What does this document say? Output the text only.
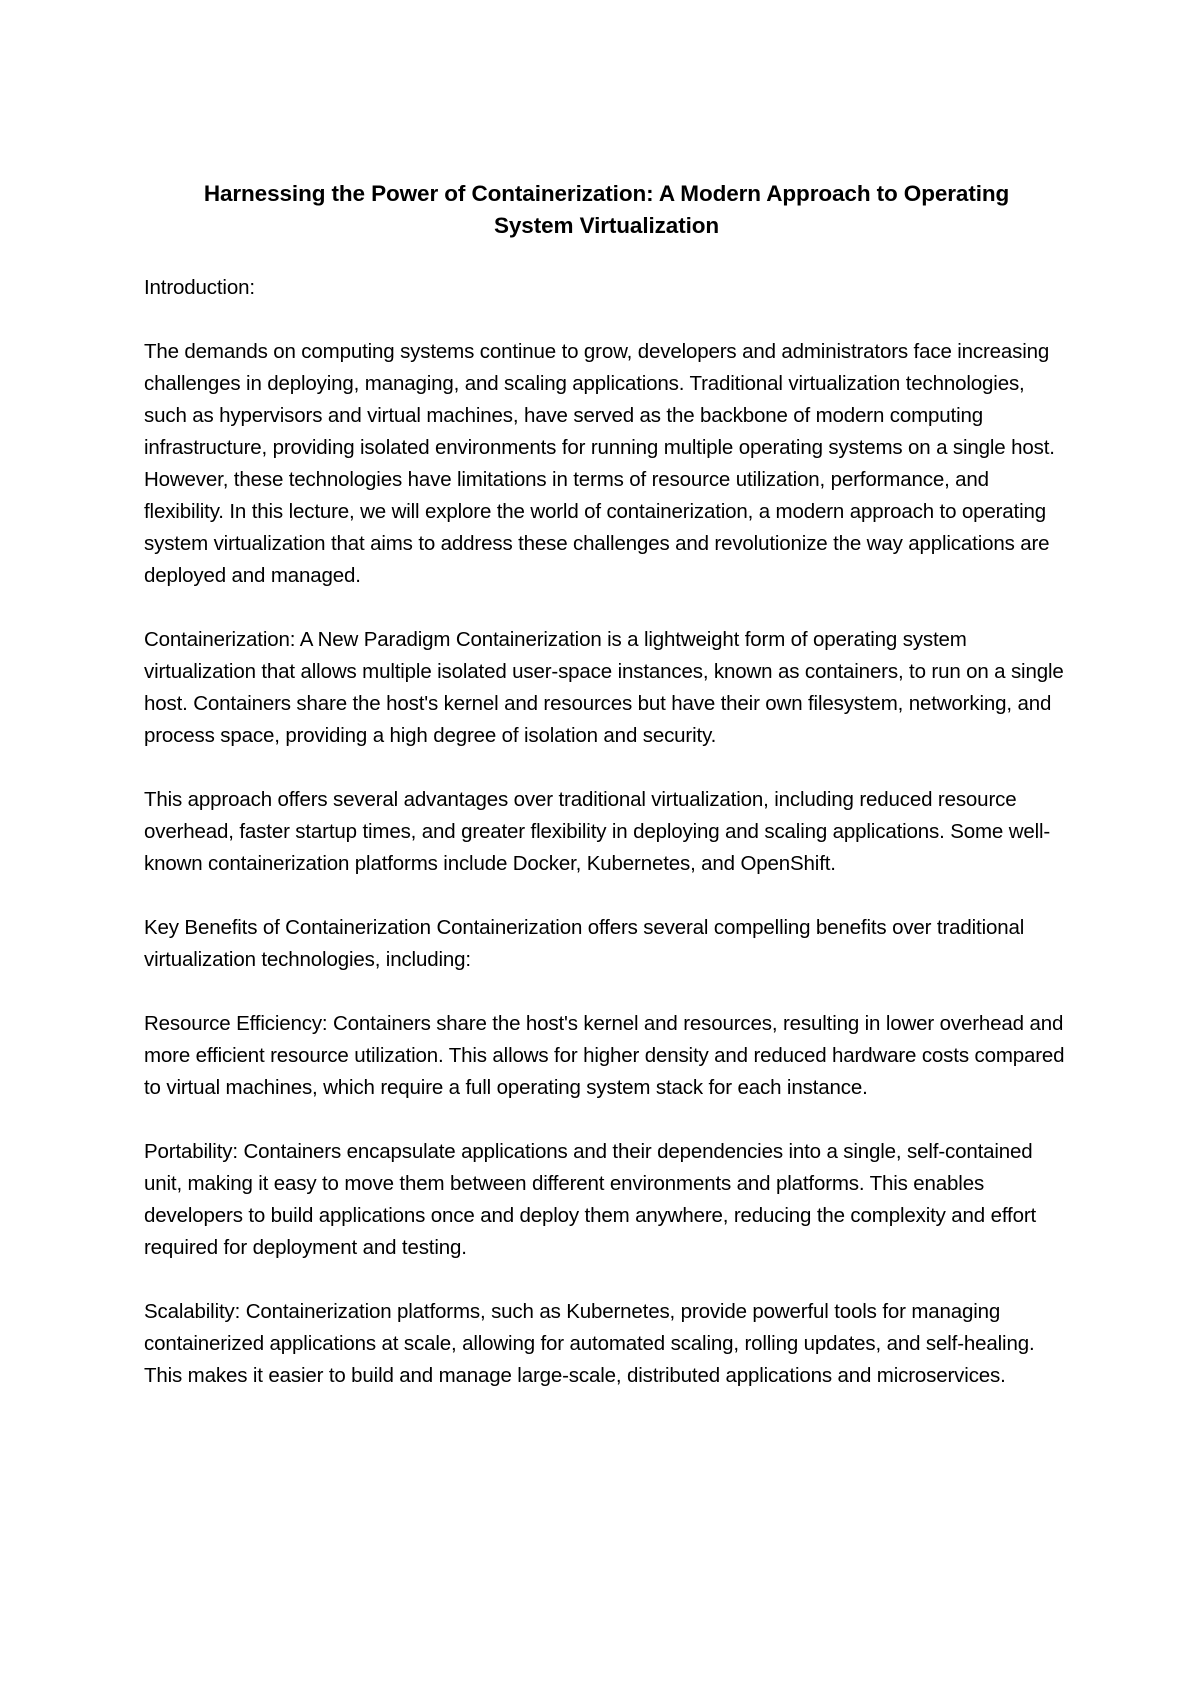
Harnessing the Power of Containerization: A Modern Approach to Operating
System Virtualization

Introduction:

The demands on computing systems continue to grow, developers and administrators face increasing challenges in deploying, managing, and scaling applications. Traditional virtualization technologies, such as hypervisors and virtual machines, have served as the backbone of modern computing infrastructure, providing isolated environments for running multiple operating systems on a single host. However, these technologies have limitations in terms of resource utilization, performance, and flexibility. In this lecture, we will explore the world of containerization, a modern approach to operating system virtualization that aims to address these challenges and revolutionize the way applications are deployed and managed.

Containerization: A New Paradigm Containerization is a lightweight form of operating system virtualization that allows multiple isolated user-space instances, known as containers, to run on a single host. Containers share the host's kernel and resources but have their own filesystem, networking, and process space, providing a high degree of isolation and security.

This approach offers several advantages over traditional virtualization, including reduced resource overhead, faster startup times, and greater flexibility in deploying and scaling applications. Some well-known containerization platforms include Docker, Kubernetes, and OpenShift.

Key Benefits of Containerization Containerization offers several compelling benefits over traditional virtualization technologies, including:

Resource Efficiency: Containers share the host's kernel and resources, resulting in lower overhead and more efficient resource utilization. This allows for higher density and reduced hardware costs compared to virtual machines, which require a full operating system stack for each instance.

Portability: Containers encapsulate applications and their dependencies into a single, self-contained unit, making it easy to move them between different environments and platforms. This enables developers to build applications once and deploy them anywhere, reducing the complexity and effort required for deployment and testing.

Scalability: Containerization platforms, such as Kubernetes, provide powerful tools for managing containerized applications at scale, allowing for automated scaling, rolling updates, and self-healing. This makes it easier to build and manage large-scale, distributed applications and microservices.
